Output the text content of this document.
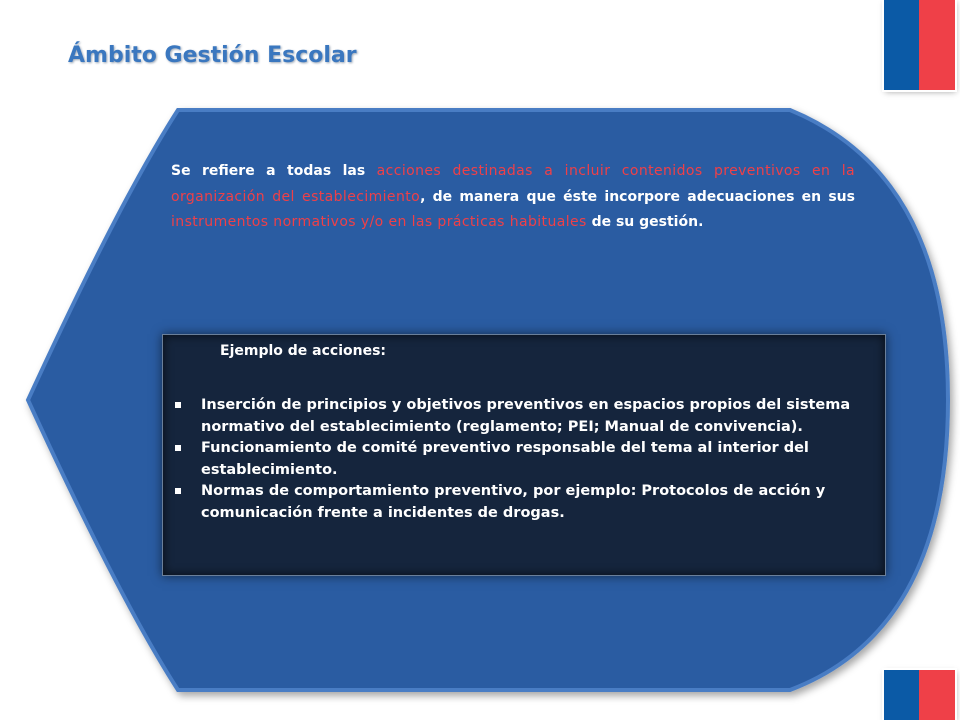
Ámbito Gestión Escolar

Se refiere a todas las acciones destinadas a incluir contenidos preventivos en la organización del establecimiento, de manera que éste incorpore adecuaciones en sus instrumentos normativos y/o en las prácticas habituales de su gestión.

Ejemplo de acciones:

Inserción de principios y objetivos preventivos en espacios propios del sistema normativo del establecimiento (reglamento; PEI; Manual de convivencia).
Funcionamiento de comité preventivo responsable del tema al interior del establecimiento.
Normas de comportamiento preventivo, por ejemplo: Protocolos de acción y comunicación frente a incidentes de drogas.
